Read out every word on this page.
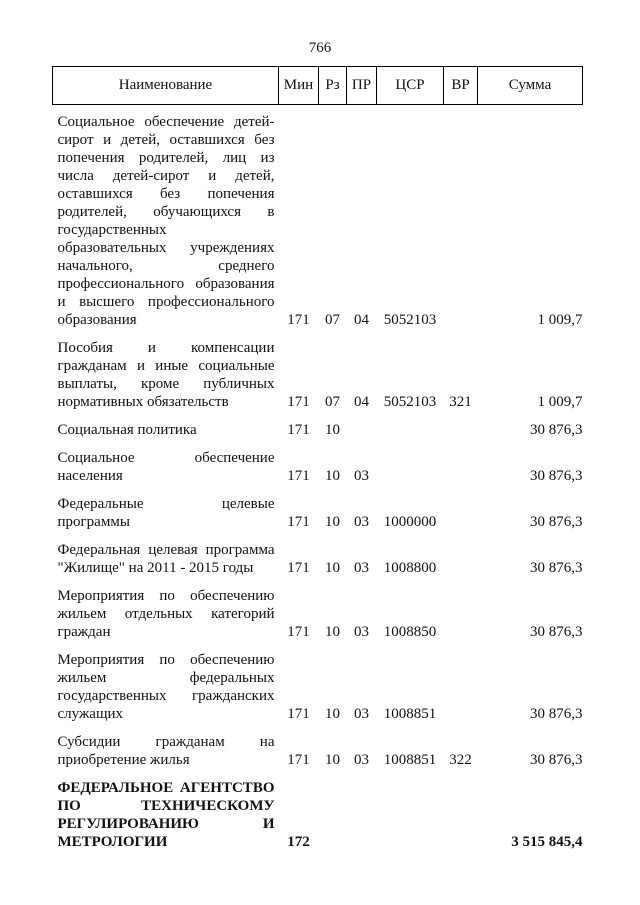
766
Наименование	Мин	Рз	ПР	ЦСР	ВР	Сумма
Социальное обеспечение детей-сирот и детей, оставшихся без попечения родителей, лиц из числа детей-сирот и детей, оставшихся без попечения родителей, обучающихся в государственных образовательных учреждениях начального, среднего профессионального образования и высшего профессионального образования	171	07	04	5052103		1 009,7
Пособия и компенсации гражданам и иные социальные выплаты, кроме публичных нормативных обязательств	171	07	04	5052103	321	1 009,7
Социальная политика	171	10				30 876,3
Социальное обеспечение населения	171	10	03			30 876,3
Федеральные целевые программы	171	10	03	1000000		30 876,3
Федеральная целевая программа "Жилище" на 2011 - 2015 годы	171	10	03	1008800		30 876,3
Мероприятия по обеспечению жильем отдельных категорий граждан	171	10	03	1008850		30 876,3
Мероприятия по обеспечению жильем федеральных государственных гражданских служащих	171	10	03	1008851		30 876,3
Субсидии гражданам на приобретение жилья	171	10	03	1008851	322	30 876,3
ФЕДЕРАЛЬНОЕ АГЕНТСТВО ПО ТЕХНИЧЕСКОМУ РЕГУЛИРОВАНИЮ И МЕТРОЛОГИИ	172					3 515 845,4
